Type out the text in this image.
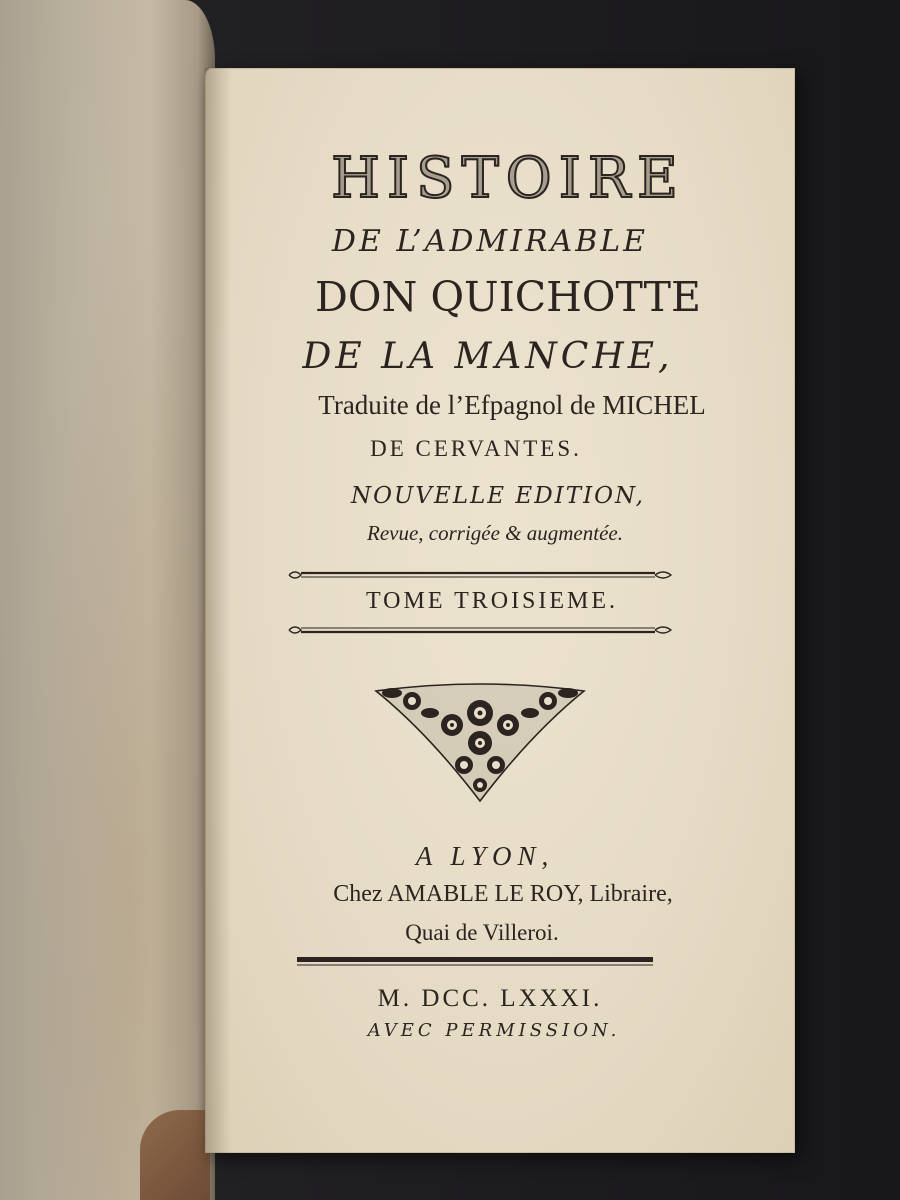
HISTOIRE
DE L’ADMIRABLE
DON QUICHOTTE
DE LA MANCHE,
Traduite de l’Efpagnol de MICHEL
DE CERVANTES.
NOUVELLE EDITION,
Revue, corrigée & augmentée.
TOME TROISIEME.
A LYON,
Chez AMABLE LE ROY, Libraire,
Quai de Villeroi.
M. DCC. LXXXI.
AVEC PERMISSION.
